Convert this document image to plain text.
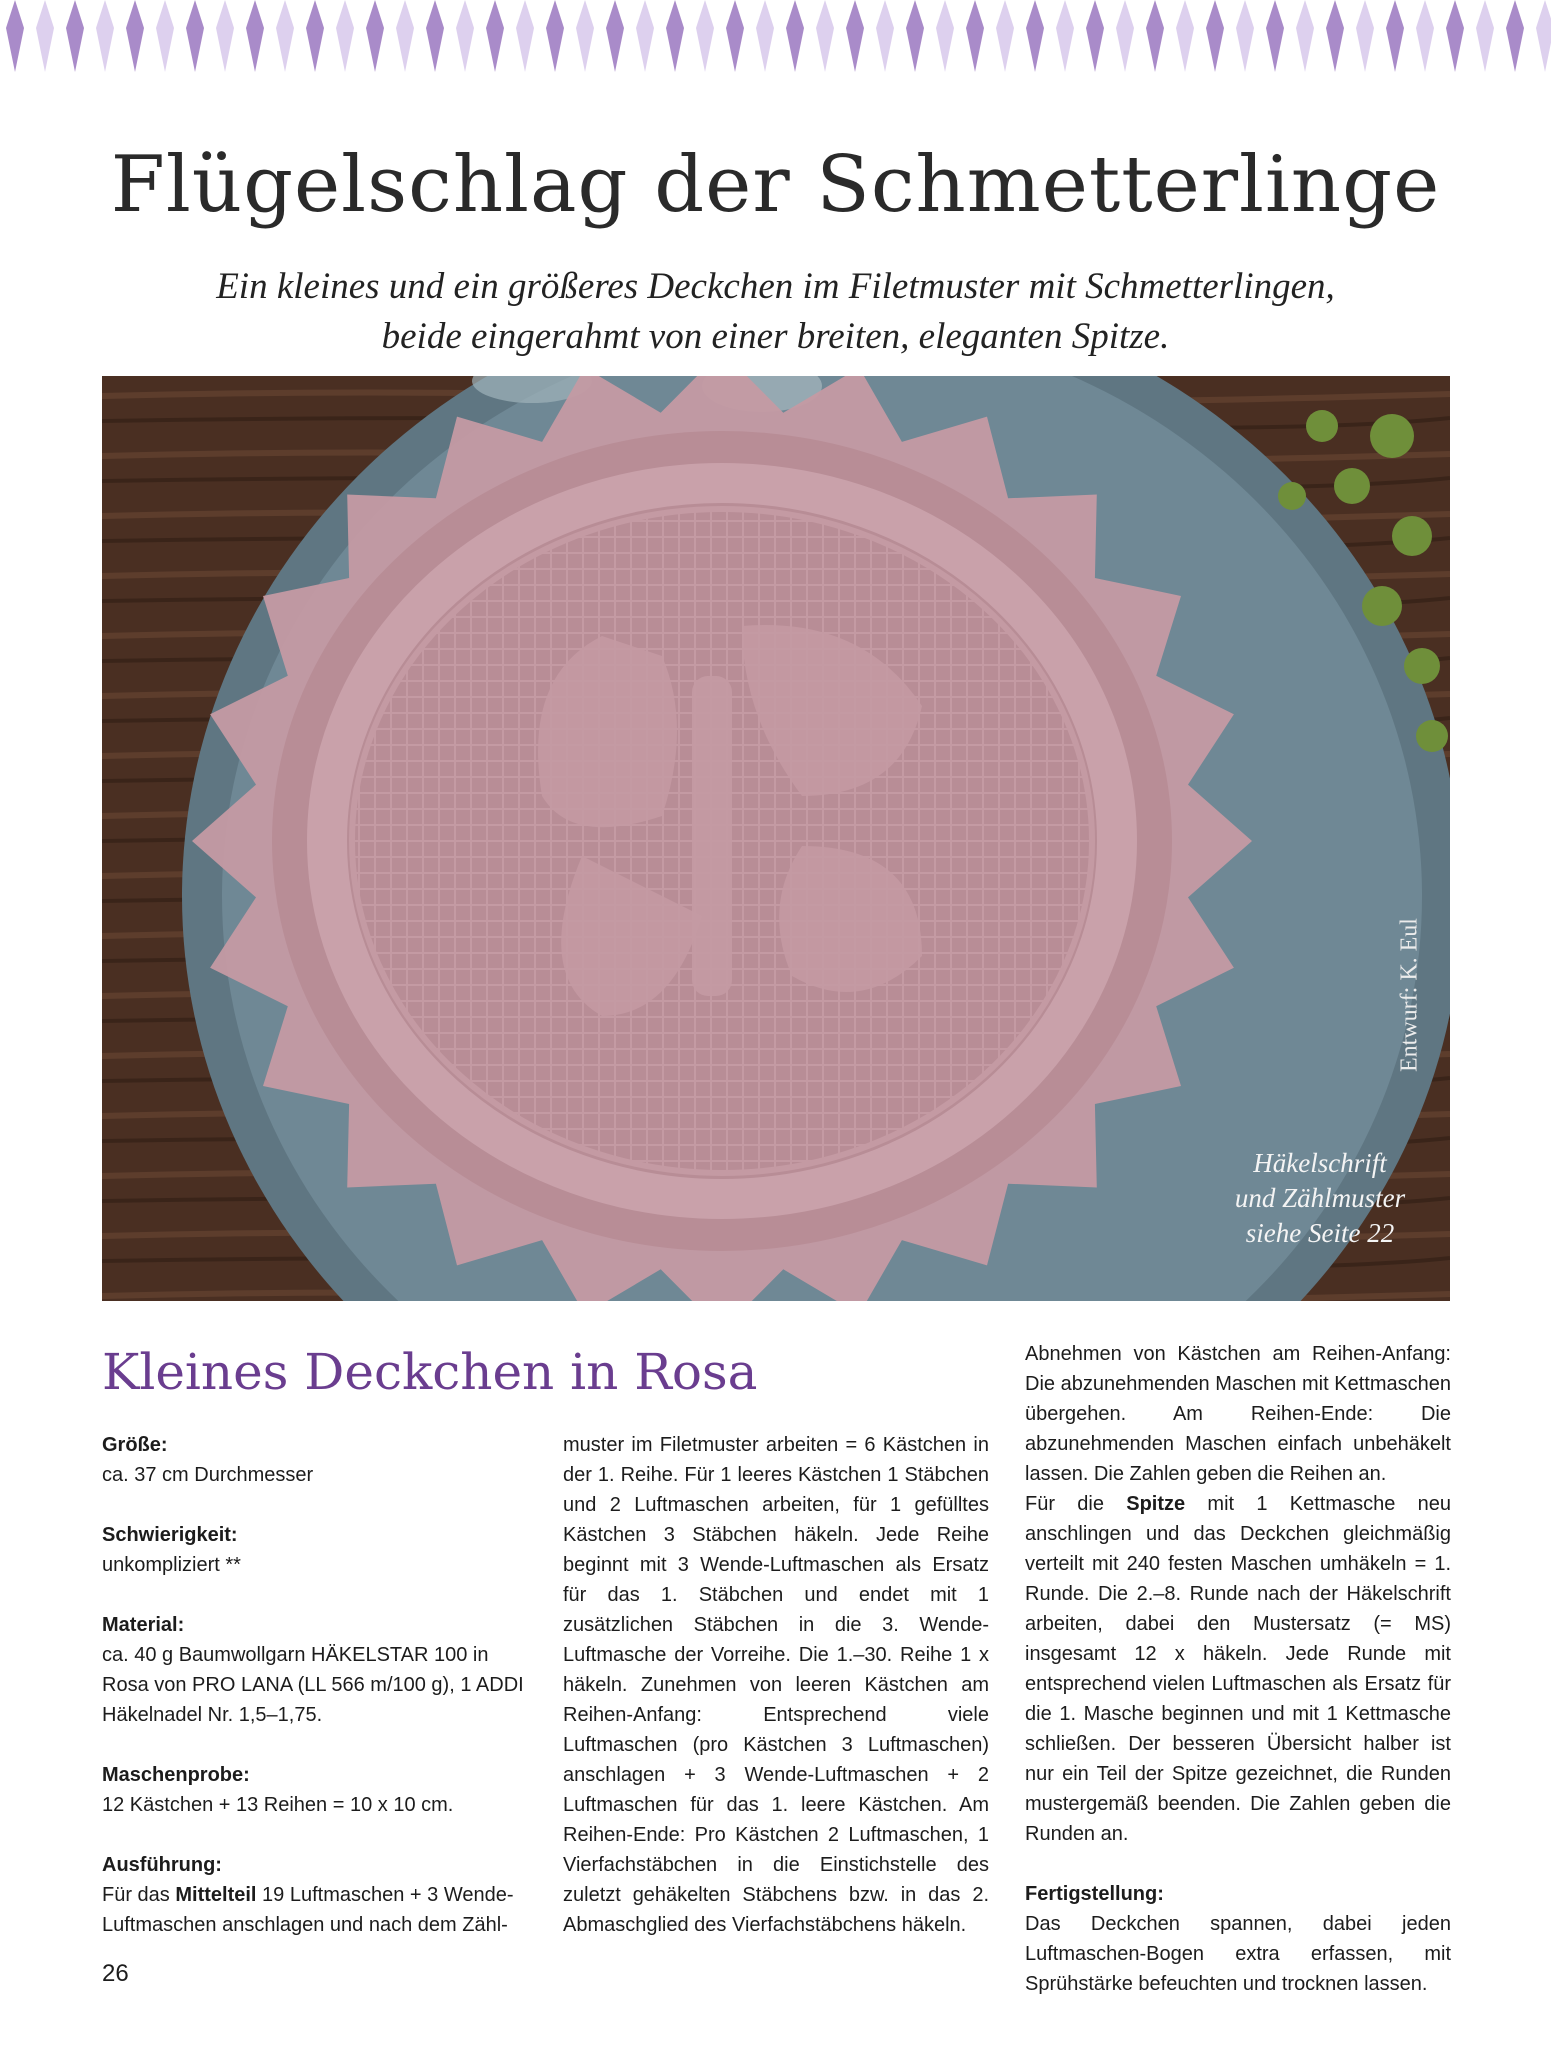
Flügelschlag der Schmetterlinge
Ein kleines und ein größeres Deckchen im Filetmuster mit Schmetterlingen,
beide eingerahmt von einer breiten, eleganten Spitze.
Entwurf: K. Eul
Häkelschrift
und Zählmuster
siehe Seite 22
Kleines Deckchen in Rosa
Größe:
ca. 37 cm Durchmesser
Schwierigkeit:
unkompliziert **
Material:
ca. 40 g Baumwollgarn HÄKELSTAR 100 in Rosa von PRO LANA (LL 566 m/100 g), 1 ADDI Häkelnadel Nr. 1,5–1,75.
Maschenprobe:
12 Kästchen + 13 Reihen = 10 x 10 cm.
Ausführung:
Für das Mittelteil 19 Luftmaschen + 3 Wende-Luftmaschen anschlagen und nach dem Zähl-

muster im Filetmuster arbeiten = 6 Kästchen in der 1. Reihe. Für 1 leeres Kästchen 1 Stäbchen und 2 Luftmaschen arbeiten, für 1 gefülltes Kästchen 3 Stäbchen häkeln. Jede Reihe beginnt mit 3 Wende-Luftmaschen als Ersatz für das 1. Stäbchen und endet mit 1 zusätzlichen Stäbchen in die 3. Wende-Luftmasche der Vorreihe. Die 1.–30. Reihe 1 x häkeln. Zunehmen von leeren Kästchen am Reihen-Anfang: Entsprechend viele Luftmaschen (pro Kästchen 3 Luftmaschen) anschlagen + 3 Wende-Luftmaschen + 2 Luftmaschen für das 1. leere Kästchen. Am Reihen-Ende: Pro Kästchen 2 Luftmaschen, 1 Vierfachstäbchen in die Einstichstelle des zuletzt gehäkelten Stäbchens bzw. in das 2. Abmaschglied des Vierfachstäbchens häkeln.

Abnehmen von Kästchen am Reihen-Anfang: Die abzunehmenden Maschen mit Kettmaschen übergehen. Am Reihen-Ende: Die abzunehmenden Maschen einfach unbehäkelt lassen. Die Zahlen geben die Reihen an.

Für die Spitze mit 1 Kettmasche neu anschlingen und das Deckchen gleichmäßig verteilt mit 240 festen Maschen umhäkeln = 1. Runde. Die 2.–8. Runde nach der Häkelschrift arbeiten, dabei den Mustersatz (= MS) insgesamt 12 x häkeln. Jede Runde mit entsprechend vielen Luftmaschen als Ersatz für die 1. Masche beginnen und mit 1 Kettmasche schließen. Der besseren Übersicht halber ist nur ein Teil der Spitze gezeichnet, die Runden mustergemäß beenden. Die Zahlen geben die Runden an.

Fertigstellung:

Das Deckchen spannen, dabei jeden Luftmaschen-Bogen extra erfassen, mit Sprühstärke befeuchten und trocknen lassen.

26
